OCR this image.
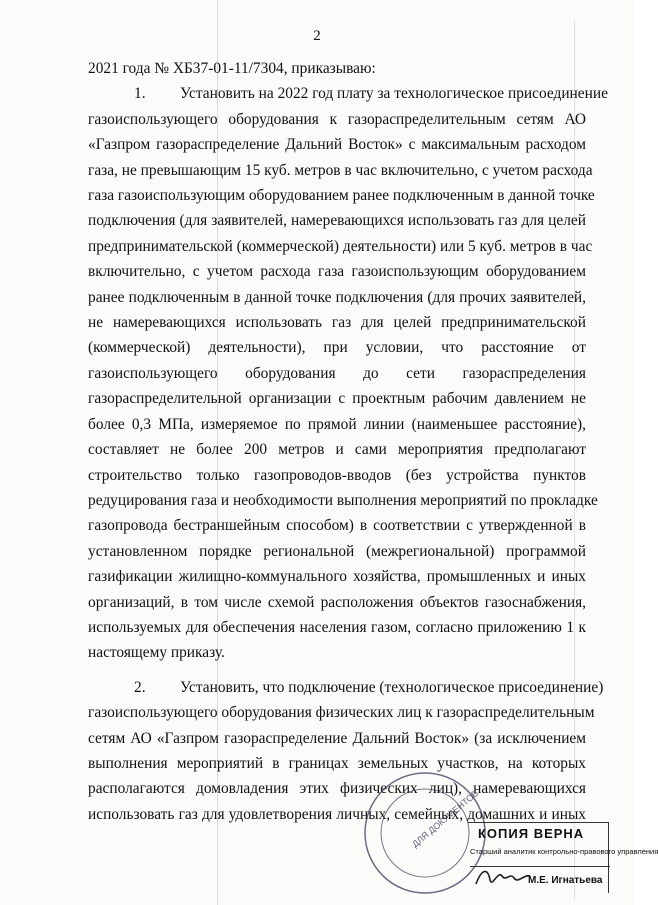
2
2021 года № ХБ37-01-11/7304, приказываю:
1. Установить на 2022 год плату за технологическое присоединение
газоиспользующего оборудования к газораспределительным сетям АО
«Газпром газораспределение Дальний Восток» с максимальным расходом
газа, не превышающим 15 куб. метров в час включительно, с учетом расхода
газа газоиспользующим оборудованием ранее подключенным в данной точке
подключения (для заявителей, намеревающихся использовать газ для целей
предпринимательской (коммерческой) деятельности) или 5 куб. метров в час
включительно, с учетом расхода газа газоиспользующим оборудованием
ранее подключенным в данной точке подключения (для прочих заявителей,
не намеревающихся использовать газ для целей предпринимательской
(коммерческой) деятельности), при условии, что расстояние от
газоиспользующего оборудования до сети газораспределения
газораспределительной организации с проектным рабочим давлением не
более 0,3 МПа, измеряемое по прямой линии (наименьшее расстояние),
составляет не более 200 метров и сами мероприятия предполагают
строительство только газопроводов-вводов (без устройства пунктов
редуцирования газа и необходимости выполнения мероприятий по прокладке
газопровода бестраншейным способом) в соответствии с утвержденной в
установленном порядке региональной (межрегиональной) программой
газификации жилищно-коммунального хозяйства, промышленных и иных
организаций, в том числе схемой расположения объектов газоснабжения,
используемых для обеспечения населения газом, согласно приложению 1 к
настоящему приказу.
2. Установить, что подключение (технологическое присоединение)
газоиспользующего оборудования физических лиц к газораспределительным
сетям АО «Газпром газораспределение Дальний Восток» (за исключением
выполнения мероприятий в границах земельных участков, на которых
располагаются домовладения этих физических лиц), намеревающихся
использовать газ для удовлетворения личных, семейных, домашних и иных
ДЛЯ ДОКУМЕНТОВ
КОПИЯ ВЕРНА
Старший аналитик контрольно-правового управления
М.Е. Игнатьева
